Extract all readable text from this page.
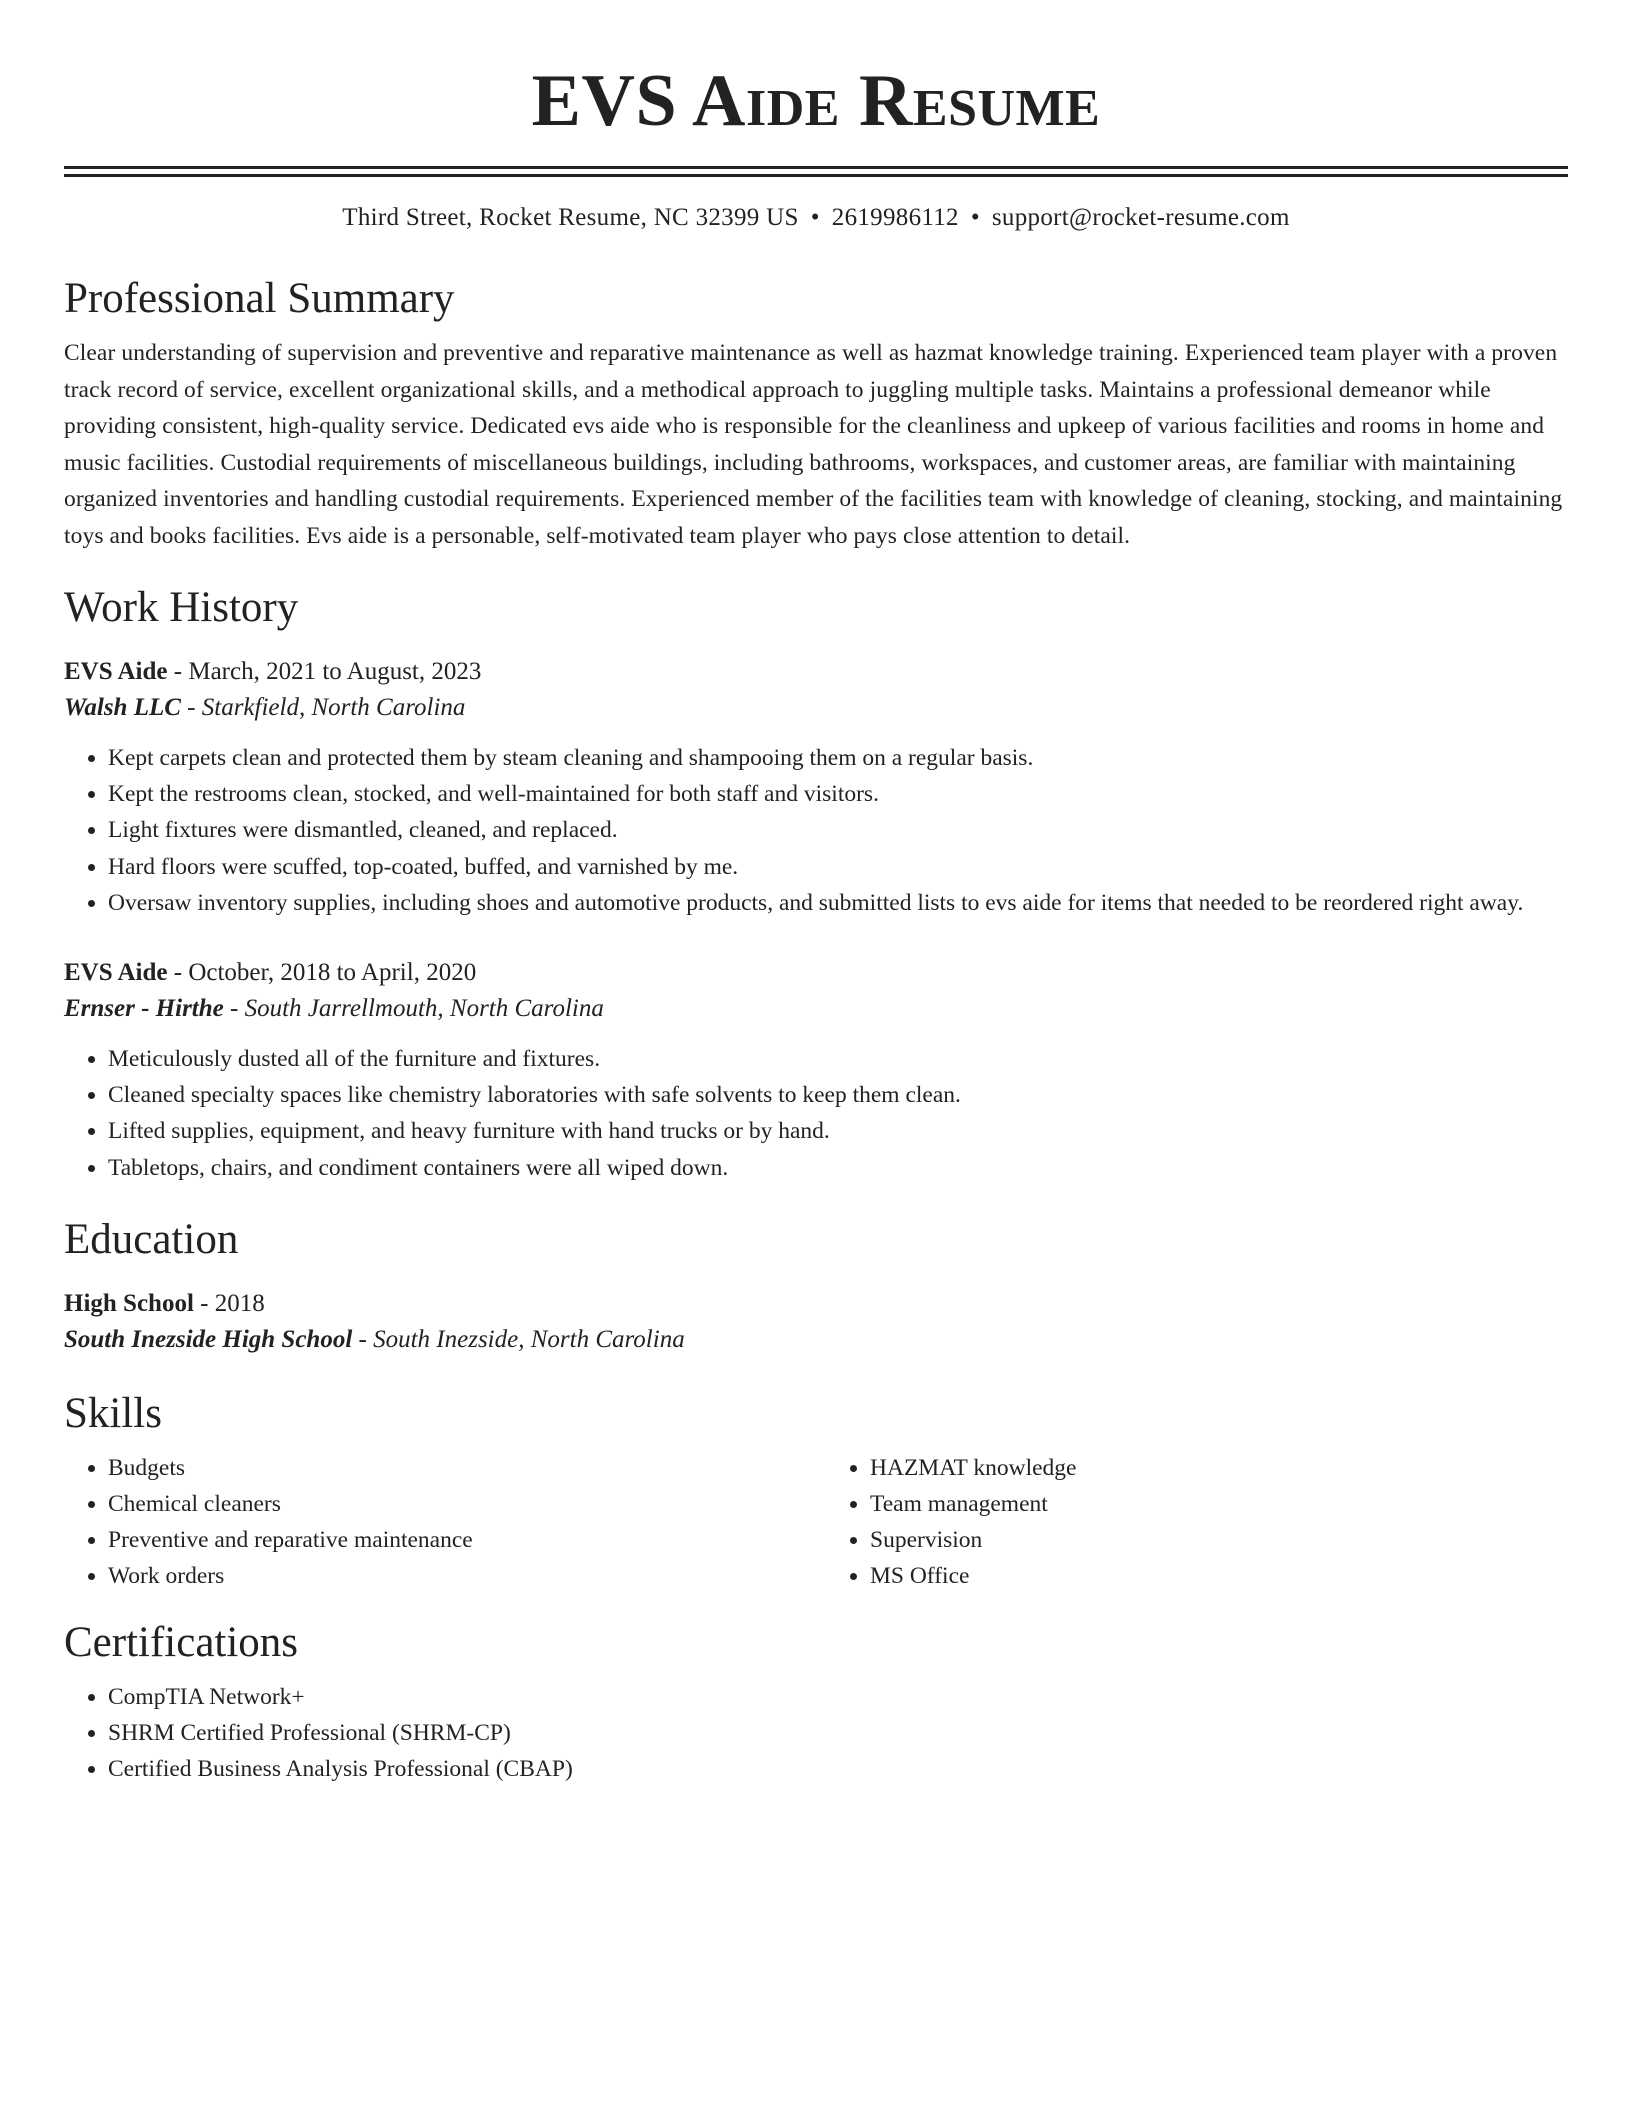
EVS Aide Resume
Third Street, Rocket Resume, NC 32399 US • 2619986112 • support@rocket-resume.com
Professional Summary

Clear understanding of supervision and preventive and reparative maintenance as well as hazmat knowledge training. Experienced team player with a proven track record of service, excellent organizational skills, and a methodical approach to juggling multiple tasks. Maintains a professional demeanor while providing consistent, high-quality service. Dedicated evs aide who is responsible for the cleanliness and upkeep of various facilities and rooms in home and music facilities. Custodial requirements of miscellaneous buildings, including bathrooms, workspaces, and customer areas, are familiar with maintaining organized inventories and handling custodial requirements. Experienced member of the facilities team with knowledge of cleaning, stocking, and maintaining toys and books facilities. Evs aide is a personable, self-motivated team player who pays close attention to detail.

Work History
EVS Aide - March, 2021 to August, 2023
Walsh LLC - Starkfield, North Carolina
• Kept carpets clean and protected them by steam cleaning and shampooing them on a regular basis.
• Kept the restrooms clean, stocked, and well-maintained for both staff and visitors.
• Light fixtures were dismantled, cleaned, and replaced.
• Hard floors were scuffed, top-coated, buffed, and varnished by me.
• Oversaw inventory supplies, including shoes and automotive products, and submitted lists to evs aide for items that needed to be reordered right away.
EVS Aide - October, 2018 to April, 2020
Ernser - Hirthe - South Jarrellmouth, North Carolina
• Meticulously dusted all of the furniture and fixtures.
• Cleaned specialty spaces like chemistry laboratories with safe solvents to keep them clean.
• Lifted supplies, equipment, and heavy furniture with hand trucks or by hand.
• Tabletops, chairs, and condiment containers were all wiped down.
Education
High School - 2018
South Inezside High School - South Inezside, North Carolina
Skills
• Budgets
• Chemical cleaners
• Preventive and reparative maintenance
• Work orders
• HAZMAT knowledge
• Team management
• Supervision
• MS Office
Certifications
• CompTIA Network+
• SHRM Certified Professional (SHRM-CP)
• Certified Business Analysis Professional (CBAP)
